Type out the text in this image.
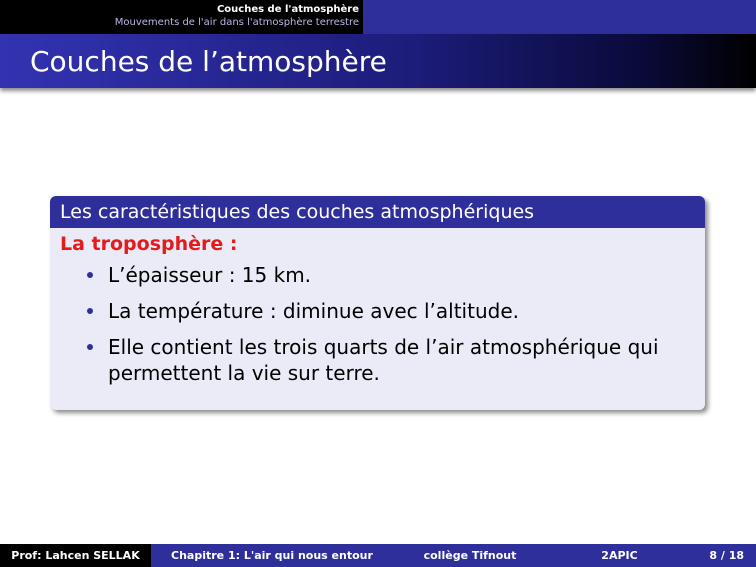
Couches de l'atmosphère
Mouvements de l'air dans l'atmosphère terrestre
Couches de l’atmosphère
Les caractéristiques des couches atmosphériques
La troposphère :
L’épaisseur : 15 km.
La température : diminue avec l’altitude.
Elle contient les trois quarts de l’air atmosphérique qui permettent la vie sur terre.
Prof: Lahcen SELLAK	Chapitre 1: L'air qui nous entour	collège Tifnout	2APIC	8 / 18
